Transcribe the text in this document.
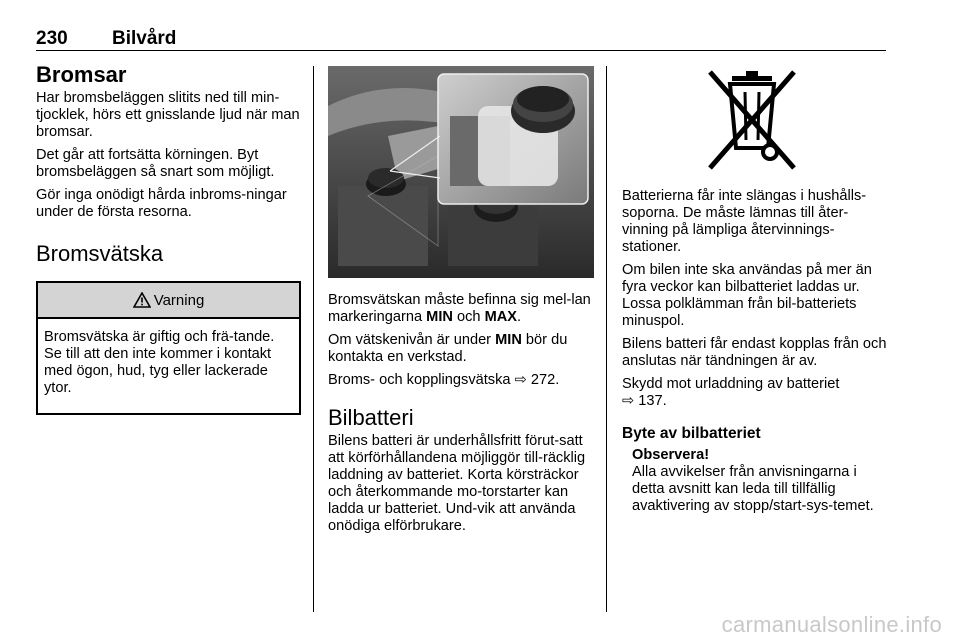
230 Bilvård
Bromsar

Har bromsbeläggen slitits ned till min-tjocklek, hörs ett gnisslande ljud när man bromsar.

Det går att fortsätta körningen. Byt bromsbeläggen så snart som möjligt.

Gör inga onödigt hårda inbroms-ningar under de första resorna.

Bromsvätska
Varning
Bromsvätska är giftig och frä-tande. Se till att den inte kommer i kontakt med ögon, hud, tyg eller lackerade ytor.

Bromsvätskan måste befinna sig mel-lan markeringarna MIN och MAX.

Om vätskenivån är under MIN bör du kontakta en verkstad.

Broms- och kopplingsvätska ⇨ 272.

Bilbatteri

Bilens batteri är underhållsfritt förut-satt att körförhållandena möjliggör till-räcklig laddning av batteriet. Korta körsträckor och återkommande mo-torstarter kan ladda ur batteriet. Und-vik att använda onödiga elförbrukare.

Batterierna får inte slängas i hushålls-soporna. De måste lämnas till åter-vinning på lämpliga återvinnings-stationer.

Om bilen inte ska användas på mer än fyra veckor kan bilbatteriet laddas ur. Lossa polklämman från bil-batteriets minuspol.

Bilens batteri får endast kopplas från och anslutas när tändningen är av.

Skydd mot urladdning av batteriet
⇨ 137.

Byte av bilbatteriet
Observera!

Alla avvikelser från anvisningarna i detta avsnitt kan leda till tillfällig avaktivering av stopp/start-sys-temet.

carmanualsonline.info
